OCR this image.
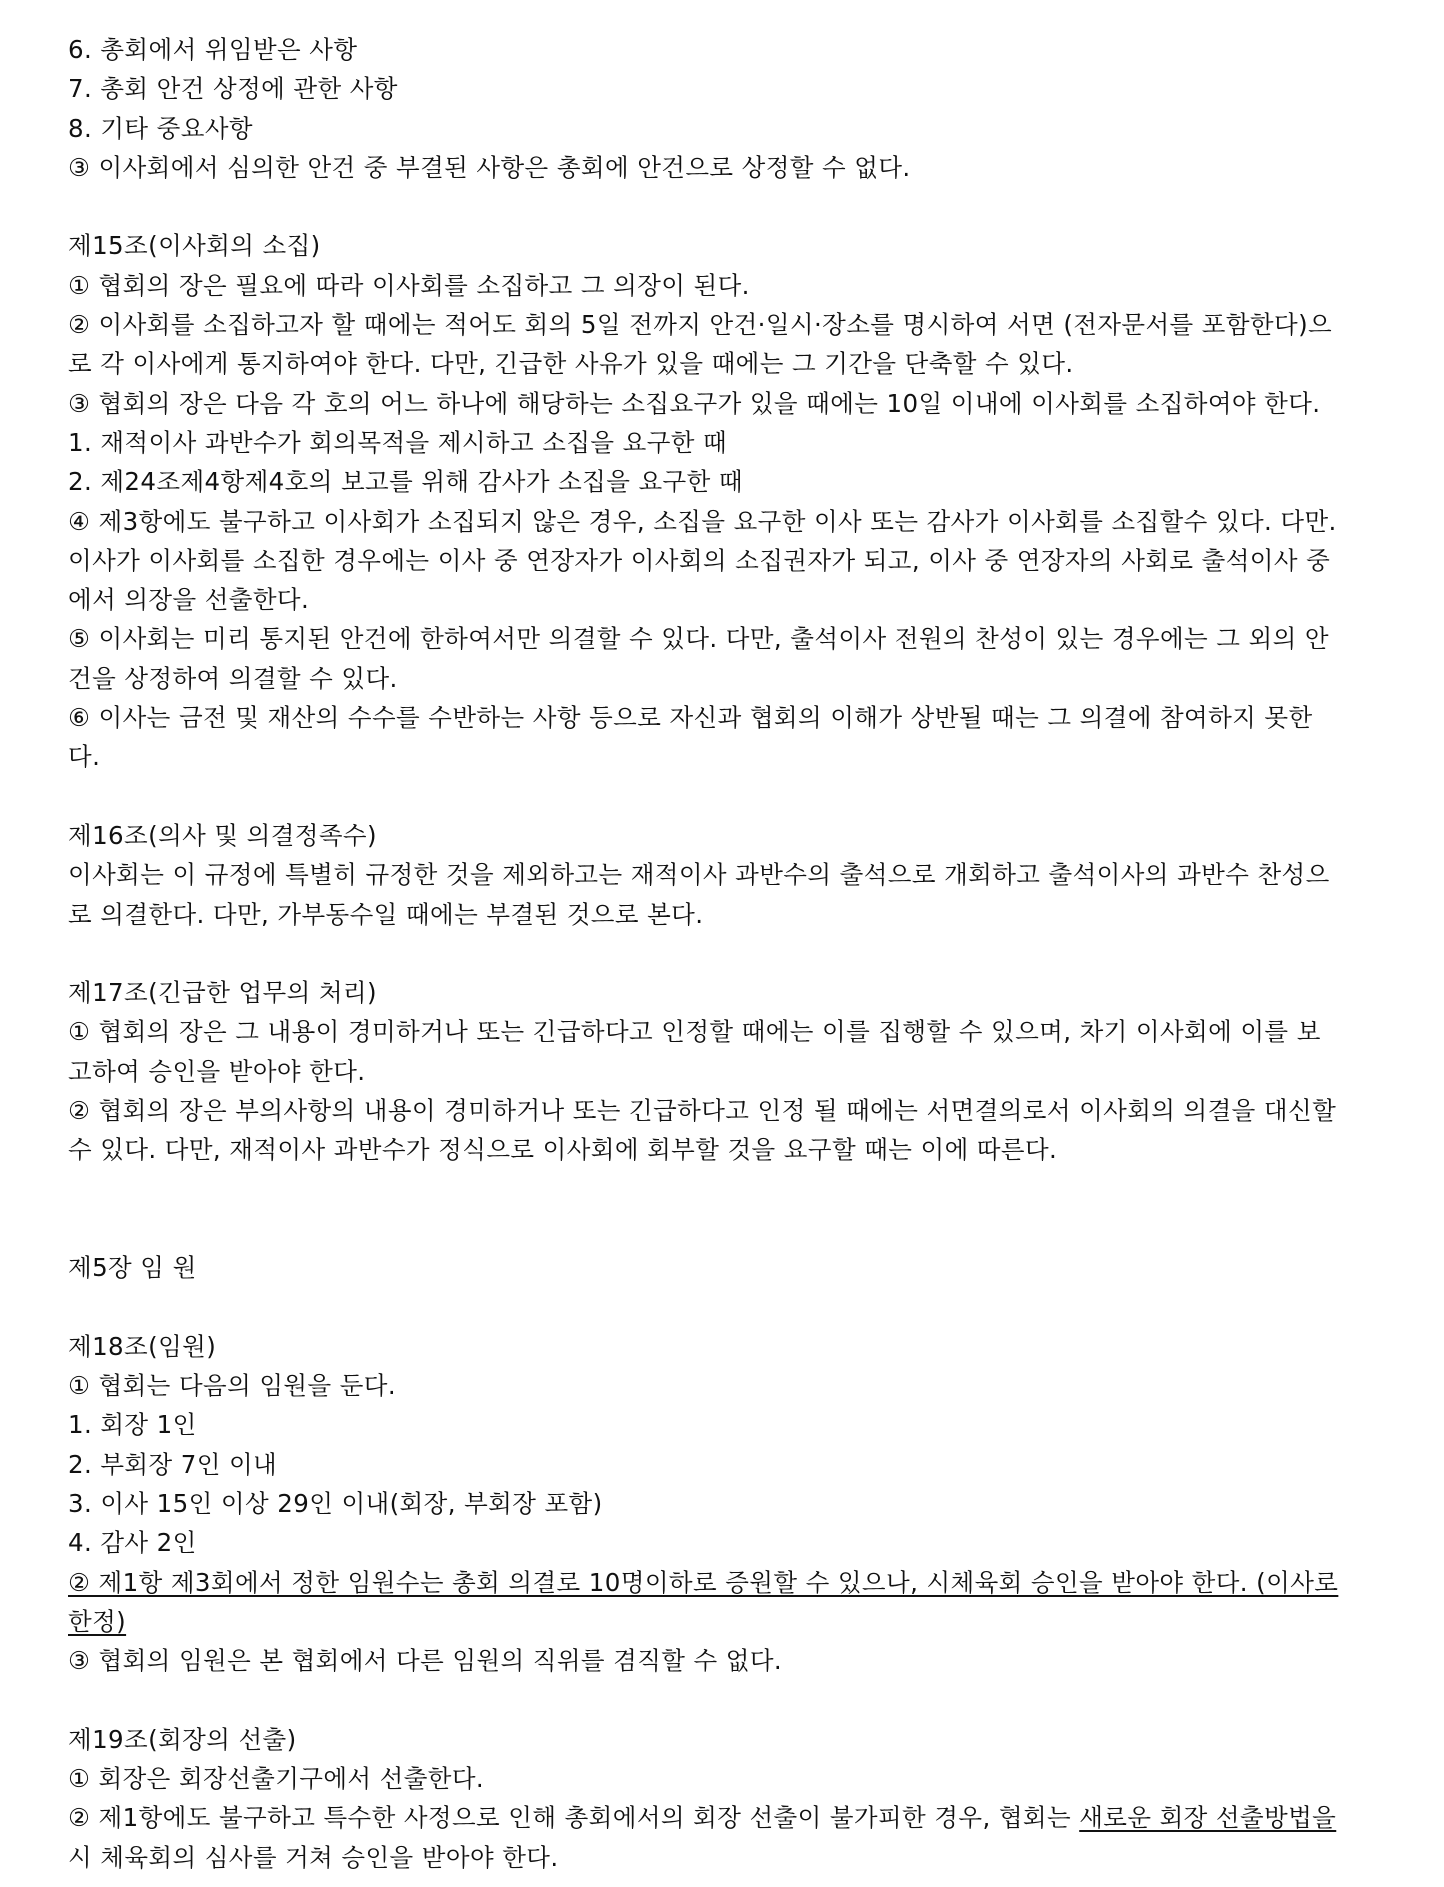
6. 총회에서 위임받은 사항
7. 총회 안건 상정에 관한 사항
8. 기타 중요사항
③ 이사회에서 심의한 안건 중 부결된 사항은 총회에 안건으로 상정할 수 없다.
제15조(이사회의 소집)
① 협회의 장은 필요에 따라 이사회를 소집하고 그 의장이 된다.
② 이사회를 소집하고자 할 때에는 적어도 회의 5일 전까지 안건·일시·장소를 명시하여 서면 (전자문서를 포함한다)으
로 각 이사에게 통지하여야 한다. 다만, 긴급한 사유가 있을 때에는 그 기간을 단축할 수 있다.
③ 협회의 장은 다음 각 호의 어느 하나에 해당하는 소집요구가 있을 때에는 10일 이내에 이사회를 소집하여야 한다.
1. 재적이사 과반수가 회의목적을 제시하고 소집을 요구한 때
2. 제24조제4항제4호의 보고를 위해 감사가 소집을 요구한 때
④ 제3항에도 불구하고 이사회가 소집되지 않은 경우, 소집을 요구한 이사 또는 감사가 이사회를 소집할수 있다. 다만.
이사가 이사회를 소집한 경우에는 이사 중 연장자가 이사회의 소집권자가 되고, 이사 중 연장자의 사회로 출석이사 중
에서 의장을 선출한다.
⑤ 이사회는 미리 통지된 안건에 한하여서만 의결할 수 있다. 다만, 출석이사 전원의 찬성이 있는 경우에는 그 외의 안
건을 상정하여 의결할 수 있다.
⑥ 이사는 금전 및 재산의 수수를 수반하는 사항 등으로 자신과 협회의 이해가 상반될 때는 그 의결에 참여하지 못한
다.
제16조(의사 및 의결정족수)
이사회는 이 규정에 특별히 규정한 것을 제외하고는 재적이사 과반수의 출석으로 개회하고 출석이사의 과반수 찬성으
로 의결한다. 다만, 가부동수일 때에는 부결된 것으로 본다.
제17조(긴급한 업무의 처리)
① 협회의 장은 그 내용이 경미하거나 또는 긴급하다고 인정할 때에는 이를 집행할 수 있으며, 차기 이사회에 이를 보
고하여 승인을 받아야 한다.
② 협회의 장은 부의사항의 내용이 경미하거나 또는 긴급하다고 인정 될 때에는 서면결의로서 이사회의 의결을 대신할
수 있다. 다만, 재적이사 과반수가 정식으로 이사회에 회부할 것을 요구할 때는 이에 따른다.
제5장 임 원
제18조(임원)
① 협회는 다음의 임원을 둔다.
1. 회장 1인
2. 부회장 7인 이내
3. 이사 15인 이상 29인 이내(회장, 부회장 포함)
4. 감사 2인
② 제1항 제3회에서 정한 임원수는 총회 의결로 10명이하로 증원할 수 있으나, 시체육회 승인을 받아야 한다. (이사로
한정)
③ 협회의 임원은 본 협회에서 다른 임원의 직위를 겸직할 수 없다.
제19조(회장의 선출)
① 회장은 회장선출기구에서 선출한다.
② 제1항에도 불구하고 특수한 사정으로 인해 총회에서의 회장 선출이 불가피한 경우, 협회는 새로운 회장 선출방법을
시 체육회의 심사를 거쳐 승인을 받아야 한다.
